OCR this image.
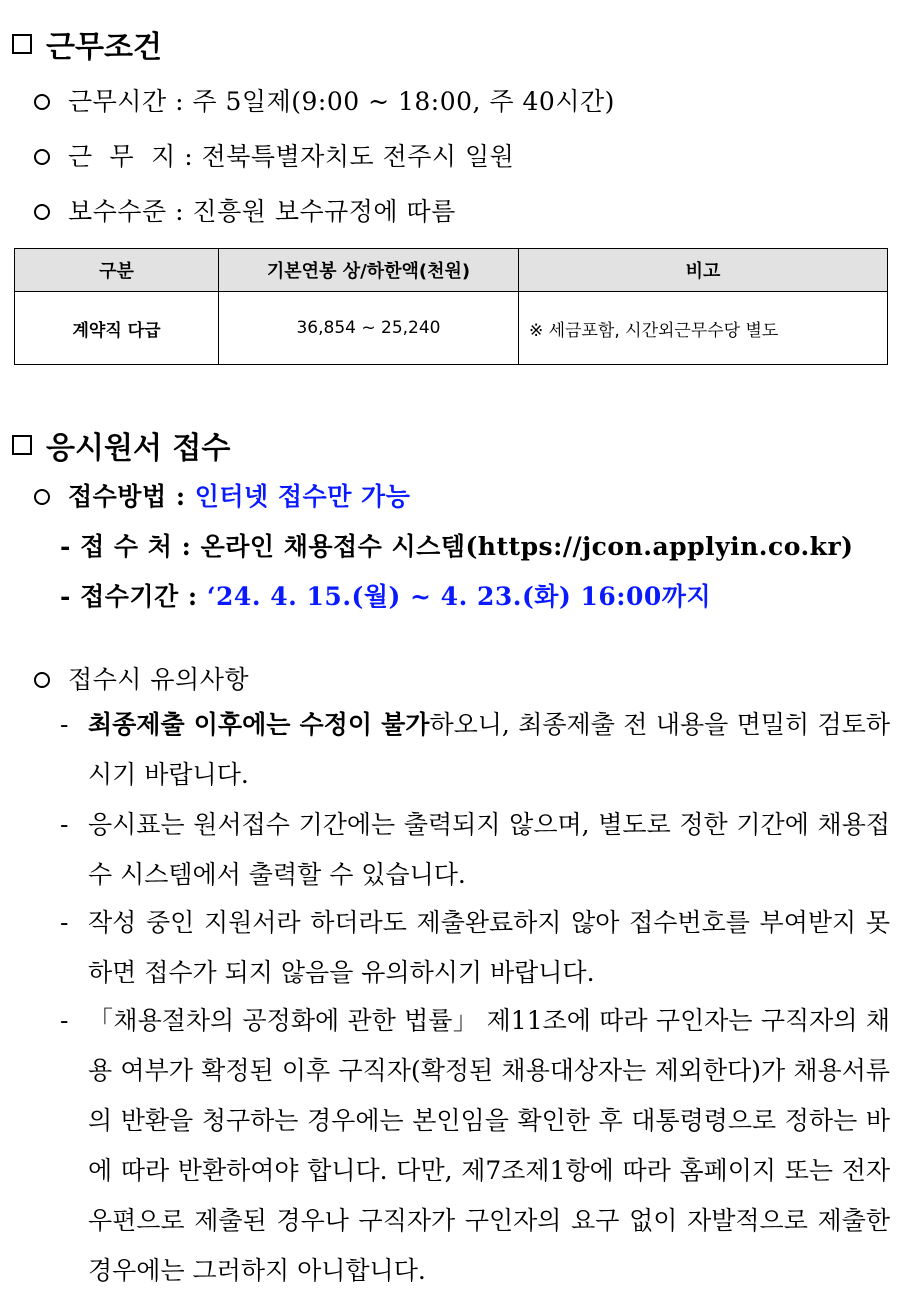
근무조건
근무시간 : 주 5일제(9:00 ~ 18:00, 주 40시간)
근  무  지 : 전북특별자치도 전주시 일원
보수수준 : 진흥원 보수규정에 따름
구분	기본연봉 상/하한액(천원)	비고
계약직 다급	36,854 ~ 25,240	※ 세금포함, 시간외근무수당 별도
응시원서 접수
접수방법 : 인터넷 접수만 가능
- 접 수 처 : 온라인 채용접수 시스템(https://jcon.applyin.co.kr)
- 접수기간 : ‘24. 4. 15.(월) ~ 4. 23.(화) 16:00까지
접수시 유의사항
- 최종제출 이후에는 수정이 불가하오니, 최종제출 전 내용을 면밀히 검토하시기 바랍니다.
- 응시표는 원서접수 기간에는 출력되지 않으며, 별도로 정한 기간에 채용접수 시스템에서 출력할 수 있습니다.
- 작성 중인 지원서라 하더라도 제출완료하지 않아 접수번호를 부여받지 못하면 접수가 되지 않음을 유의하시기 바랍니다.
- 「채용절차의 공정화에 관한 법률」 제11조에 따라 구인자는 구직자의 채용 여부가 확정된 이후 구직자(확정된 채용대상자는 제외한다)가 채용서류의 반환을 청구하는 경우에는 본인임을 확인한 후 대통령령으로 정하는 바에 따라 반환하여야 합니다. 다만, 제7조제1항에 따라 홈페이지 또는 전자우편으로 제출된 경우나 구직자가 구인자의 요구 없이 자발적으로 제출한 경우에는 그러하지 아니합니다.
